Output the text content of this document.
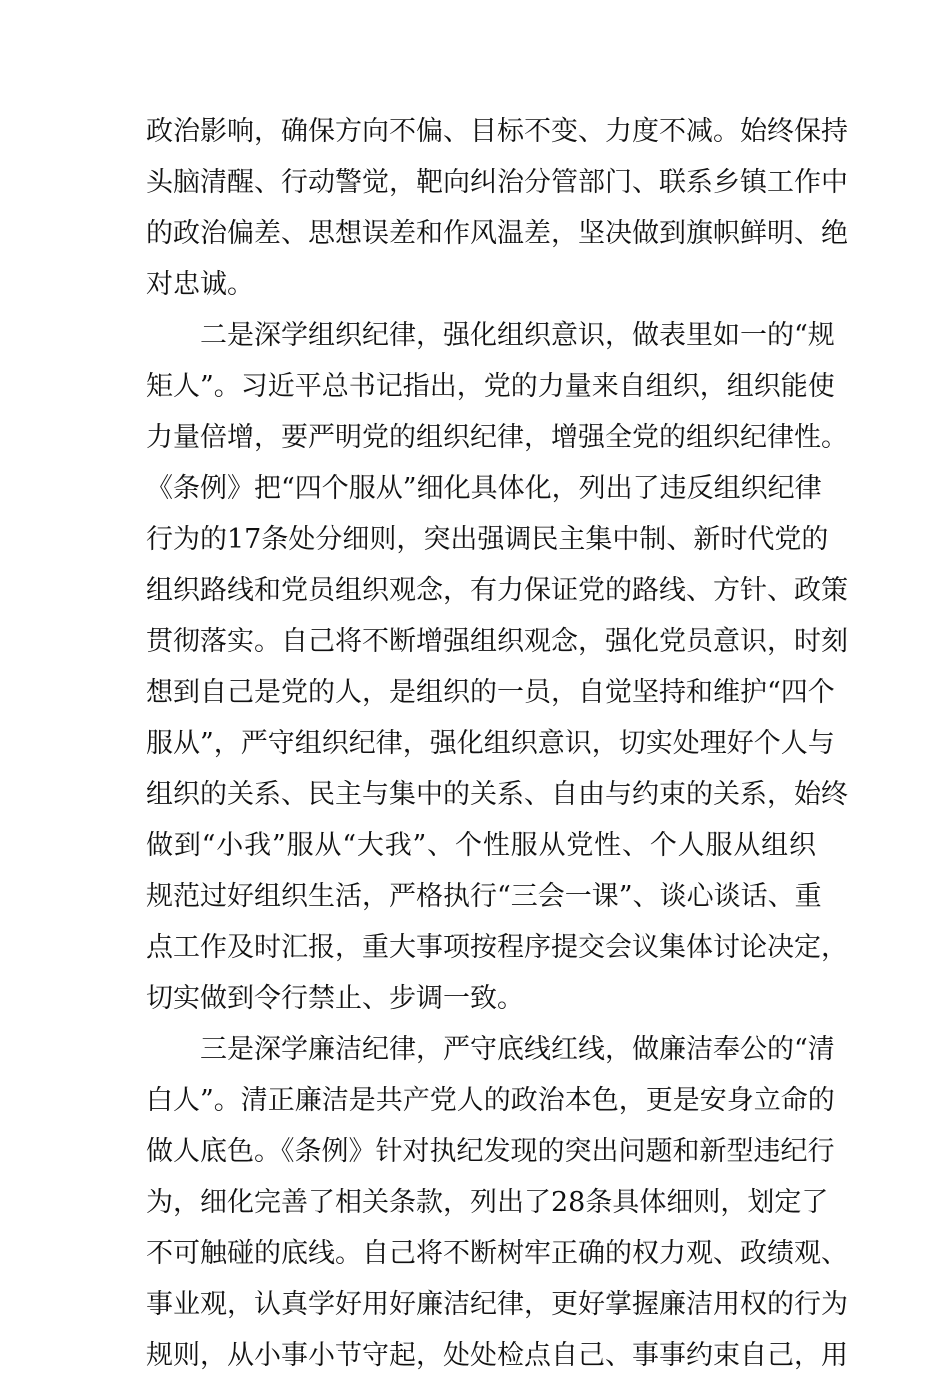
政治影响，确保方向不偏、目标不变、力度不减。始终保持
头脑清醒、行动警觉，靶向纠治分管部门、联系乡镇工作中
的政治偏差、思想误差和作风温差，坚决做到旗帜鲜明、绝
对忠诚。
　　二是深学组织纪律，强化组织意识，做表里如一的“规
矩人”。习近平总书记指出，党的力量来自组织，组织能使
力量倍增，要严明党的组织纪律，增强全党的组织纪律性。
《条例》把“四个服从”细化具体化，列出了违反组织纪律
行为的17条处分细则，突出强调民主集中制、新时代党的
组织路线和党员组织观念，有力保证党的路线、方针、政策
贯彻落实。自己将不断增强组织观念，强化党员意识，时刻
想到自己是党的人，是组织的一员，自觉坚持和维护“四个
服从”，严守组织纪律，强化组织意识，切实处理好个人与
组织的关系、民主与集中的关系、自由与约束的关系，始终
做到“小我”服从“大我”、个性服从党性、个人服从组织
规范过好组织生活，严格执行“三会一课”、谈心谈话、重
点工作及时汇报，重大事项按程序提交会议集体讨论决定，
切实做到令行禁止、步调一致。
　　三是深学廉洁纪律，严守底线红线，做廉洁奉公的“清
白人”。清正廉洁是共产党人的政治本色，更是安身立命的
做人底色。《条例》针对执纪发现的突出问题和新型违纪行
为，细化完善了相关条款，列出了28条具体细则，划定了
不可触碰的底线。自己将不断树牢正确的权力观、政绩观、
事业观，认真学好用好廉洁纪律，更好掌握廉洁用权的行为
规则，从小事小节守起，处处检点自己、事事约束自己，用
